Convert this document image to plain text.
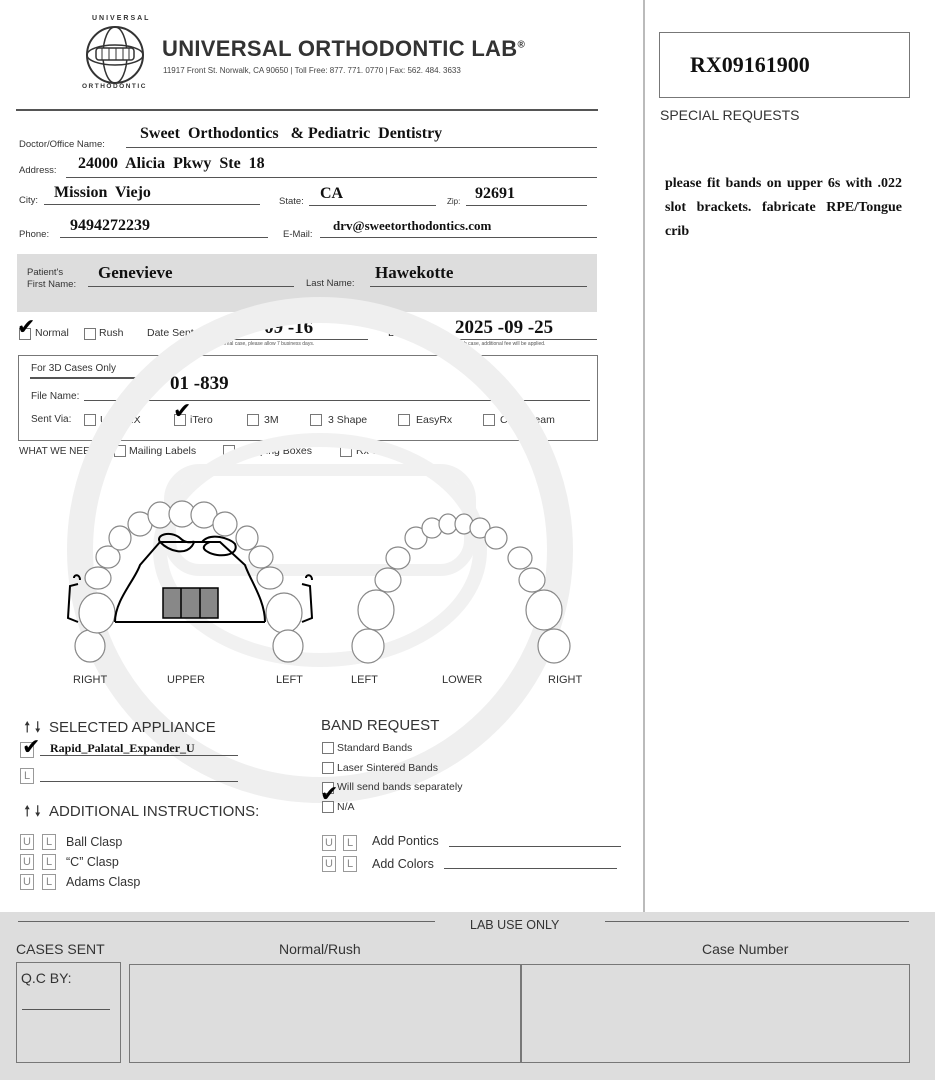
UNIVERSAL
ORTHODONTIC
UNIVERSAL ORTHODONTIC LAB®
11917 Front St. Norwalk, CA 90650 | Toll Free: 877. 771. 0770 | Fax: 562. 484. 3633	RX09161900
SPECIAL REQUESTS
please fit bands on upper 6s with .022 slot brackets. fabricate RPE/Tongue crib
Doctor/Office Name:
Sweet  Orthodontics   & Pediatric  Dentistry
Address: 24000  Alicia  Pkwy  Ste  18
City: Mission  Viejo
State: CA	Zip: 92691
Phone:
9494272239
E-Mail:
drv@sweetorthodontics.com
Patient's
First Name:
Genevieve
Last Name:
Hawekotte
✔ Normal	Rush Date Sent: 2025 -09 -16
For a normal case, please allow 7 business days.
Due Date: 2025 -09 -25
For a rush case, additional fee will be applied.
For 3D Cases Only
File Name:
01 -839
Sent Via:	Univ. RX ✔
iTero	3M	3 Shape	EasyRx	Carestream
WHAT WE NEED:	Mailing Labels	Shipping Boxes	Rx Sheets
RIGHT	UPPER	LEFT	LEFT	LOWER	RIGHT
🠕 🠗 SELECTED APPLIANCE
✔ Rapid_Palatal_Expander_U
L
BAND REQUEST
Standard Bands
Laser Sintered Bands
Will send bands separately
✔
N/A
🠕 🠗 ADDITIONAL INSTRUCTIONS:
U	L	Ball Clasp
U	L	“C” Clasp
U	L	Adams Clasp
U	L	Add Pontics
U	L	Add Colors
LAB USE ONLY
CASES SENT	Normal/Rush	Case Number
Q.C BY:
